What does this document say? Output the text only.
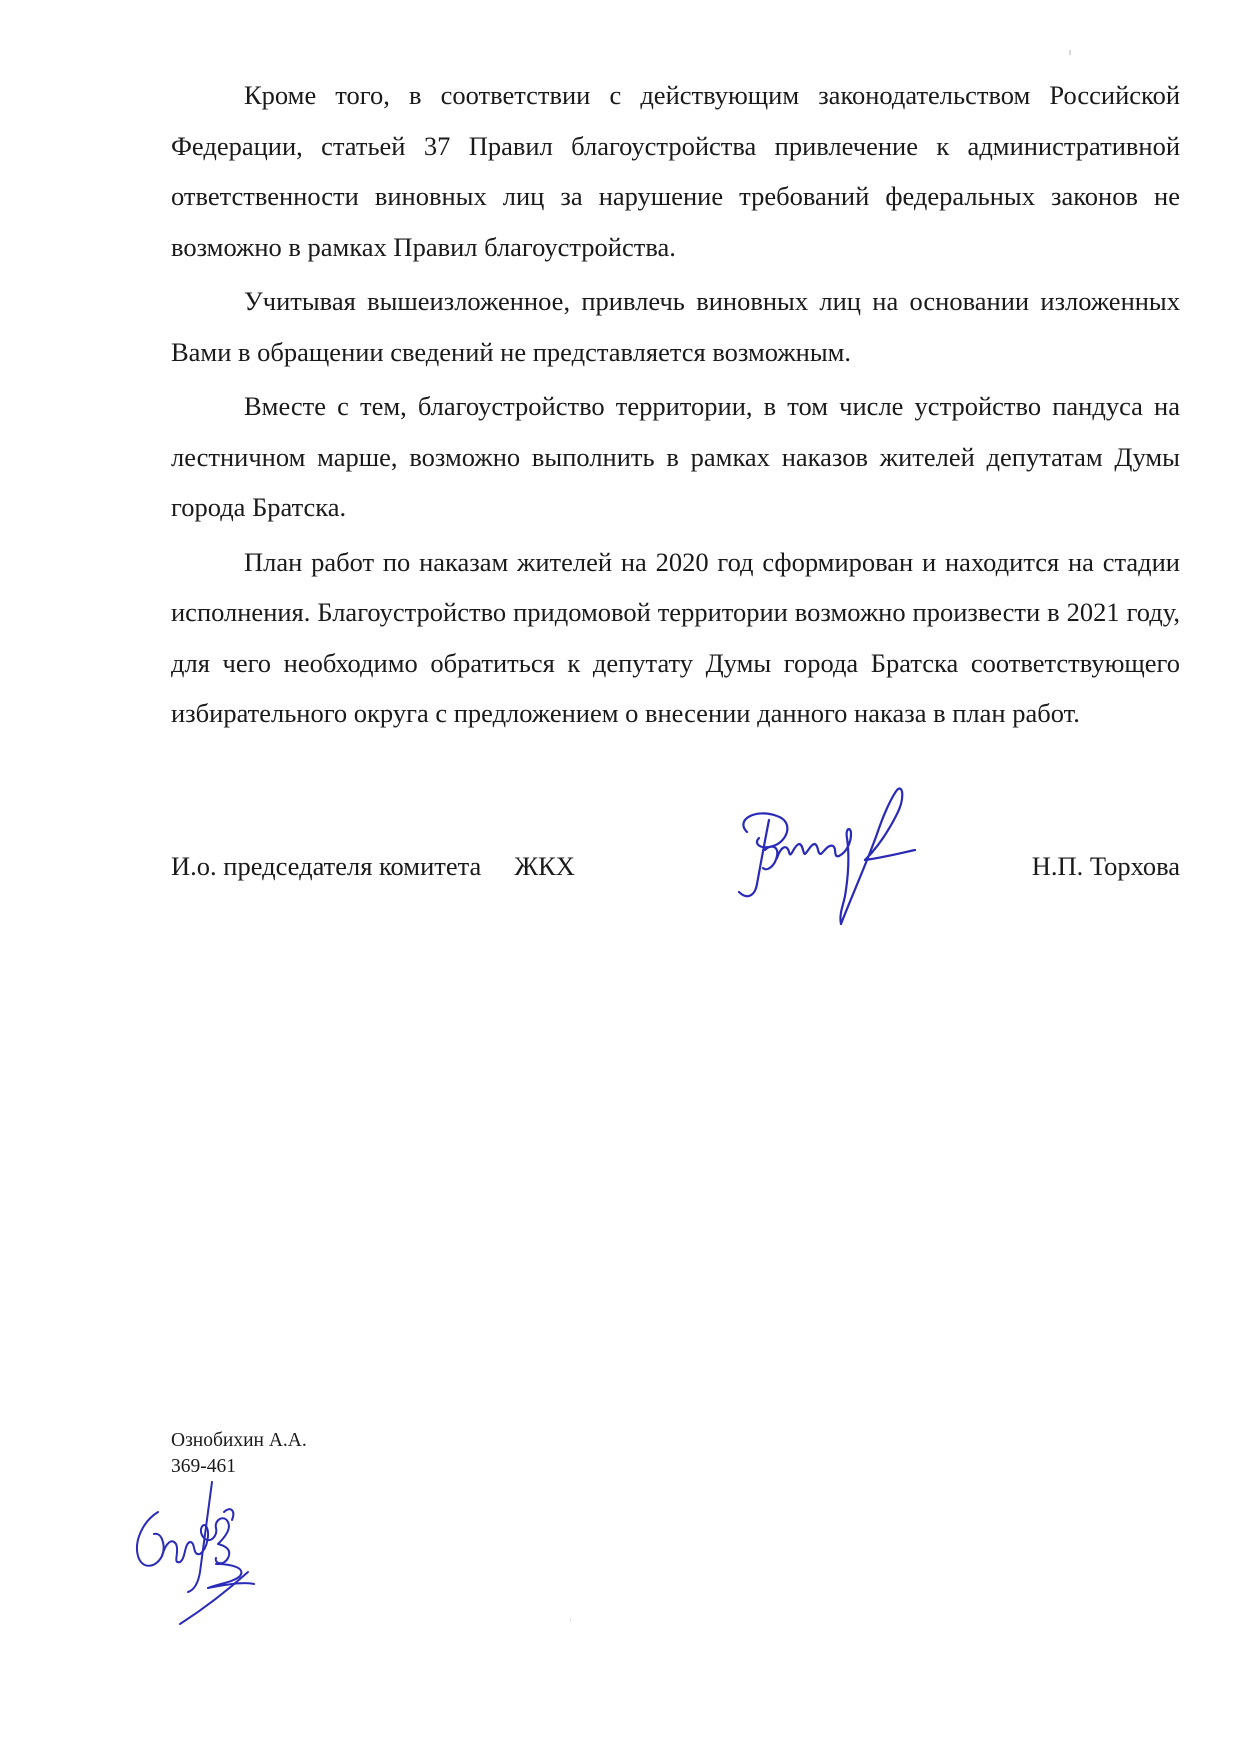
Кроме того, в соответствии с действующим законодательством Российской Федерации, статьей 37 Правил благоустройства привлечение к административной ответственности виновных лиц за нарушение требований федеральных законов не возможно в рамках Правил благоустройства.

Учитывая вышеизложенное, привлечь виновных лиц на основании изложенных Вами в обращении сведений не представляется возможным.

Вместе с тем, благоустройство территории, в том числе устройство пандуса на лестничном марше, возможно выполнить в рамках наказов жителей депутатам Думы города Братска.

План работ по наказам жителей на 2020 год сформирован и находится на стадии исполнения. Благоустройство придомовой территории возможно произвести в 2021 году, для чего необходимо обратиться к депутату Думы города Братска соответствующего избирательного округа с предложением о внесении данного наказа в план работ.

И.о. председателя комитета     ЖКХ	Н.П. Торхова
Ознобихин А.А.
369-461
